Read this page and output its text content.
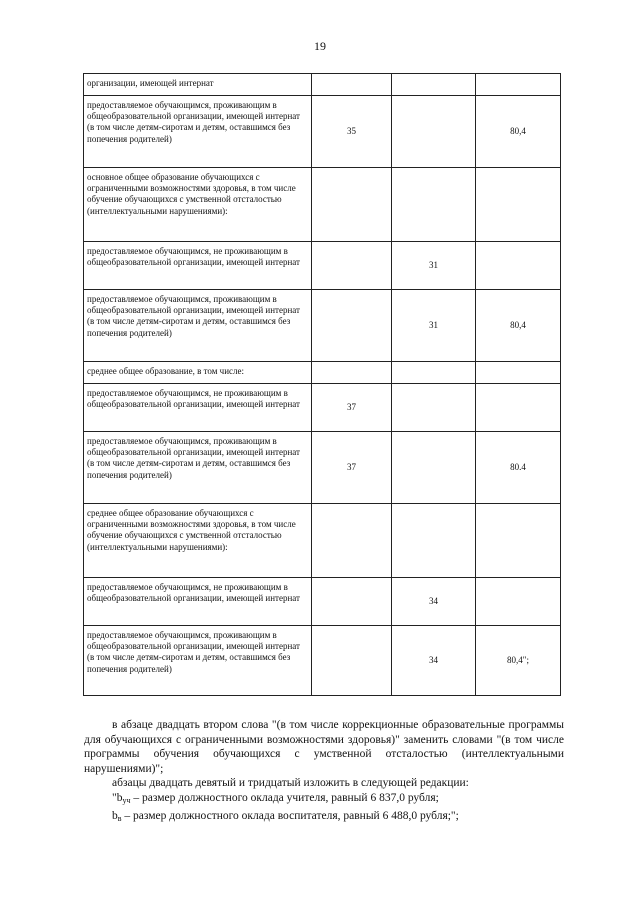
19
организации, имеющей интернат			
предоставляемое обучающимся, проживающим в общеобразовательной организации, имеющей интернат (в том числе детям-сиротам и детям, оставшимся без попечения родителей)	35		80,4
основное общее образование обучающихся с ограниченными возможностями здоровья, в том числе обучение обучающихся с умственной отсталостью (интеллектуальными нарушениями):			
предоставляемое обучающимся, не проживающим в общеобразовательной организации, имеющей интернат		31	
предоставляемое обучающимся, проживающим в общеобразовательной организации, имеющей интернат (в том числе детям-сиротам и детям, оставшимся без попечения родителей)		31	80,4
среднее общее образование, в том числе:			
предоставляемое обучающимся, не проживающим в общеобразовательной организации, имеющей интернат	37		
предоставляемое обучающимся, проживающим в общеобразовательной организации, имеющей интернат (в том числе детям-сиротам и детям, оставшимся без попечения родителей)	37		80.4
среднее общее образование обучающихся с ограниченными возможностями здоровья, в том числе обучение обучающихся с умственной отсталостью (интеллектуальными нарушениями):			
предоставляемое обучающимся, не проживающим в общеобразовательной организации, имеющей интернат		34	
предоставляемое обучающимся, проживающим в общеобразовательной организации, имеющей интернат (в том числе детям-сиротам и детям, оставшимся без попечения родителей)		34	80,4";

в абзаце двадцать втором слова "(в том числе коррекционные образовательные программы для обучающихся с ограниченными возможностями здоровья)" заменить словами "(в том числе программы обучения обучающихся с умственной отсталостью (интеллектуальными нарушениями)";

абзацы двадцать девятый и тридцатый изложить в следующей редакции:

"$b_{уч}$ – размер должностного оклада учителя, равный 6 837,0 рубля;

$b_в$ – размер должностного оклада воспитателя, равный 6 488,0 рубля;";
